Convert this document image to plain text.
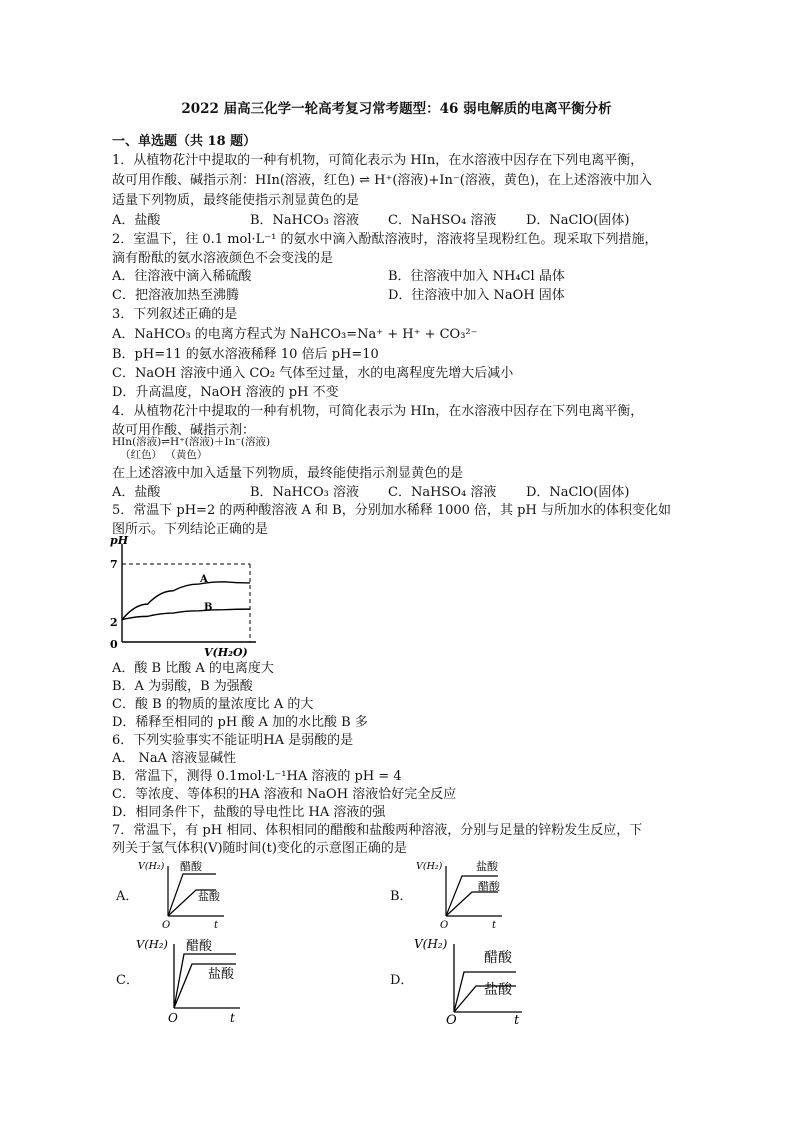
2022 届高三化学一轮高考复习常考题型：46 弱电解质的电离平衡分析
一、单选题（共 18 题）
1．从植物花汁中提取的一种有机物，可简化表示为 HIn，在水溶液中因存在下列电离平衡，
故可用作酸、碱指示剂：HIn(溶液，红色) ⇌ H⁺(溶液)+In⁻(溶液，黄色)，在上述溶液中加入
适量下列物质，最终能使指示剂显黄色的是
A．盐酸	B．NaHCO₃ 溶液 C．NaHSO₄ 溶液 D．NaClO(固体)
2．室温下，往 0.1 mol·L⁻¹ 的氨水中滴入酚酞溶液时，溶液将呈现粉红色。现采取下列措施，
滴有酚酞的氨水溶液颜色不会变浅的是
A．往溶液中滴入稀硫酸	B．往溶液中加入 NH₄Cl 晶体
C．把溶液加热至沸腾	D．往溶液中加入 NaOH 固体
3．下列叙述正确的是
A．NaHCO₃ 的电离方程式为 NaHCO₃=Na⁺ + H⁺ + CO₃²⁻
B．pH=11 的氨水溶液稀释 10 倍后 pH=10
C．NaOH 溶液中通入 CO₂ 气体至过量，水的电离程度先增大后减小
D．升高温度，NaOH 溶液的 pH 不变
4．从植物花汁中提取的一种有机物，可简化表示为 HIn，在水溶液中因存在下列电离平衡，
故可用作酸、碱指示剂：
HIn(溶液)⇌H⁺(溶液)＋In⁻(溶液)
（红色） （黄色）
在上述溶液中加入适量下列物质，最终能使指示剂显黄色的是
A．盐酸	B．NaHCO₃ 溶液 C．NaHSO₄ 溶液 D．NaClO(固体)
5．常温下 pH=2 的两种酸溶液 A 和 B，分别加水稀释 1000 倍，其 pH 与所加水的体积变化如
图所示。下列结论正确的是
pH
7
2
0
A
B
V(H₂O)
A．酸 B 比酸 A 的电离度大
B．A 为弱酸，B 为强酸
C．酸 B 的物质的量浓度比 A 的大
D．稀释至相同的 pH 酸 A 加的水比酸 B 多
6．下列实验事实不能证明HA 是弱酸的是
A． NaA 溶液显碱性
B．常温下，测得 0.1mol·L⁻¹HA 溶液的 pH = 4
C．等浓度、等体积的HA 溶液和 NaOH 溶液恰好完全反应
D．相同条件下，盐酸的导电性比 HA 溶液的强
7．常温下，有 pH 相同、体积相同的醋酸和盐酸两种溶液，分别与足量的锌粉发生反应，下
列关于氢气体积(V)随时间(t)变化的示意图正确的是
A．
V(H₂) 醋酸
盐酸
O	t
B．
V(H₂)	盐酸
醋酸
O	t
C．
V(H₂) 醋酸
盐酸
O	t
D．
V(H₂)
醋酸
盐酸
O	t
